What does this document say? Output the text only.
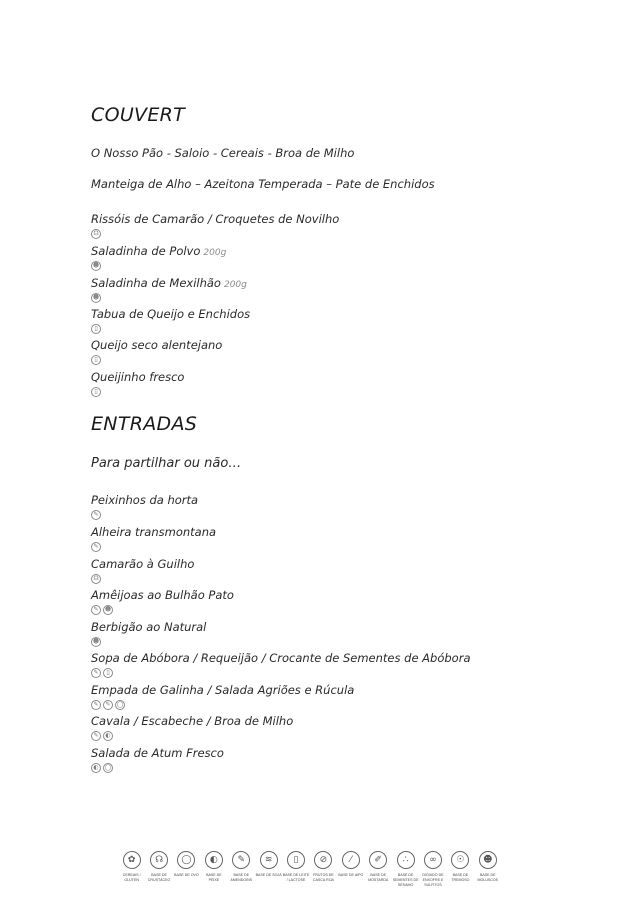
COUVERT
O Nosso Pão - Saloio - Cereais - Broa de Milho
Manteiga de Alho – Azeitona Temperada – Pate de Enchidos
Rissóis de Camarão / Croquetes de Novilho
☊
Saladinha de Polvo 200g
☻
Saladinha de Mexilhão 200g
☻
Tabua de Queijo e Enchidos
▯
Queijo seco alentejano
▯
Queijinho fresco
▯
ENTRADAS
Para partilhar ou não…
Peixinhos da horta
✎
Alheira transmontana
✎
Camarão à Guilho
☊
Amêijoas ao Bulhão Pato
✎	☻
Berbigão ao Natural
☻
Sopa de Abóbora / Requeijão / Crocante de Sementes de Abóbora
✎	▯
Empada de Galinha / Salada Agriões e Rúcula
✎	✎	◯
Cavala / Escabeche / Broa de Milho
✎	◐
Salada de Atum Fresco
◐	◯
✿
CEREAIS / GLUTEN
☊
BASE DE CRUSTÁCEO
◯
BASE DE OVO
◐
BASE DE PEIXE
✎
BASE DE AMENDOINS
≋
BASE DE SOJA
▯
BASE DE LEITE / LACTOSE
⊘
FRUTOS DE CASCA RIJA
⁄
BASE DE AIPO
✐
BASE DE MOSTARDA
∴
BASE DE SEMENTES DE SÉSAMO
∞
DIÓXIDO DE ENXOFRE E SULFITOS
☉
BASE DE TREMOSO
☻
BASE DE MOLUSCOS
